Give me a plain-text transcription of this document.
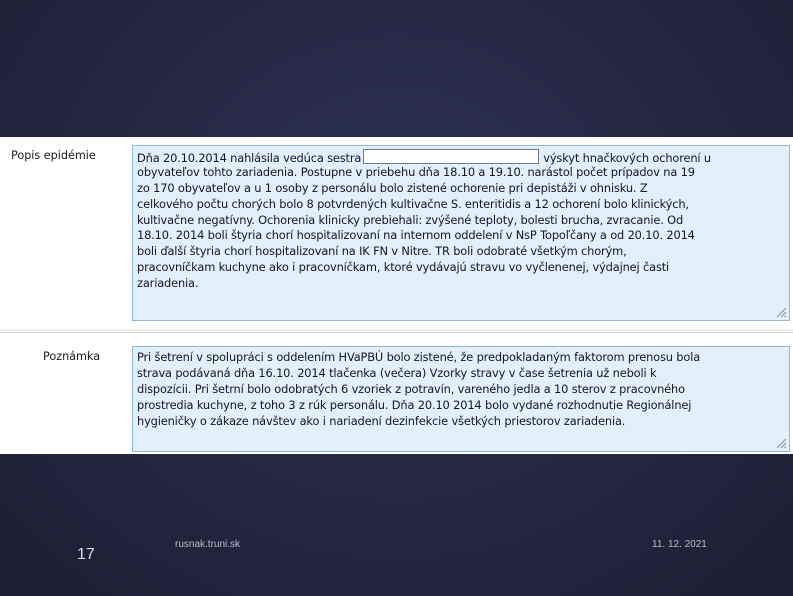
Popis epidémie	Dňa 20.10.2014 nahlásila vedúca sestra	výskyt hnačkových ochorení u
obyvateľov tohto zariadenia. Postupne v priebehu dňa 18.10 a 19.10. narástol počet prípadov na 19
zo 170 obyvateľov a u 1 osoby z personálu bolo zistené ochorenie pri depistáži v ohnisku. Z
celkového počtu chorých bolo 8 potvrdených kultivačne S. enteritidis a 12 ochorení bolo klinických,
kultivačne negatívny. Ochorenia klinicky prebiehali: zvýšené teploty, bolesti brucha, zvracanie. Od
18.10. 2014 boli štyria chorí hospitalizovaní na internom oddelení v NsP Topoľčany a od 20.10. 2014
boli ďalší štyria chorí hospitalizovaní na IK FN v Nitre. TR boli odobraté všetkým chorým,
pracovníčkam kuchyne ako i pracovníčkam, ktoré vydávajú stravu vo vyčlenenej, výdajnej časti
zariadenia.
Poznámka	Pri šetrení v spolupráci s oddelením HVaPBÚ bolo zistené, že predpokladaným faktorom prenosu bola
strava podávaná dňa 16.10. 2014 tlačenka (večera) Vzorky stravy v čase šetrenia už neboli k
dispozícii. Pri šetrní bolo odobratých 6 vzoriek z potravín, vareného jedla a 10 sterov z pracovného
prostredia kuchyne, z toho 3 z rúk personálu. Dňa 20.10 2014 bolo vydané rozhodnutie Regionálnej
hygieničky o zákaze návštev ako i nariadení dezinfekcie všetkých priestorov zariadenia.
17
rusnak.truni.sk	11. 12. 2021
